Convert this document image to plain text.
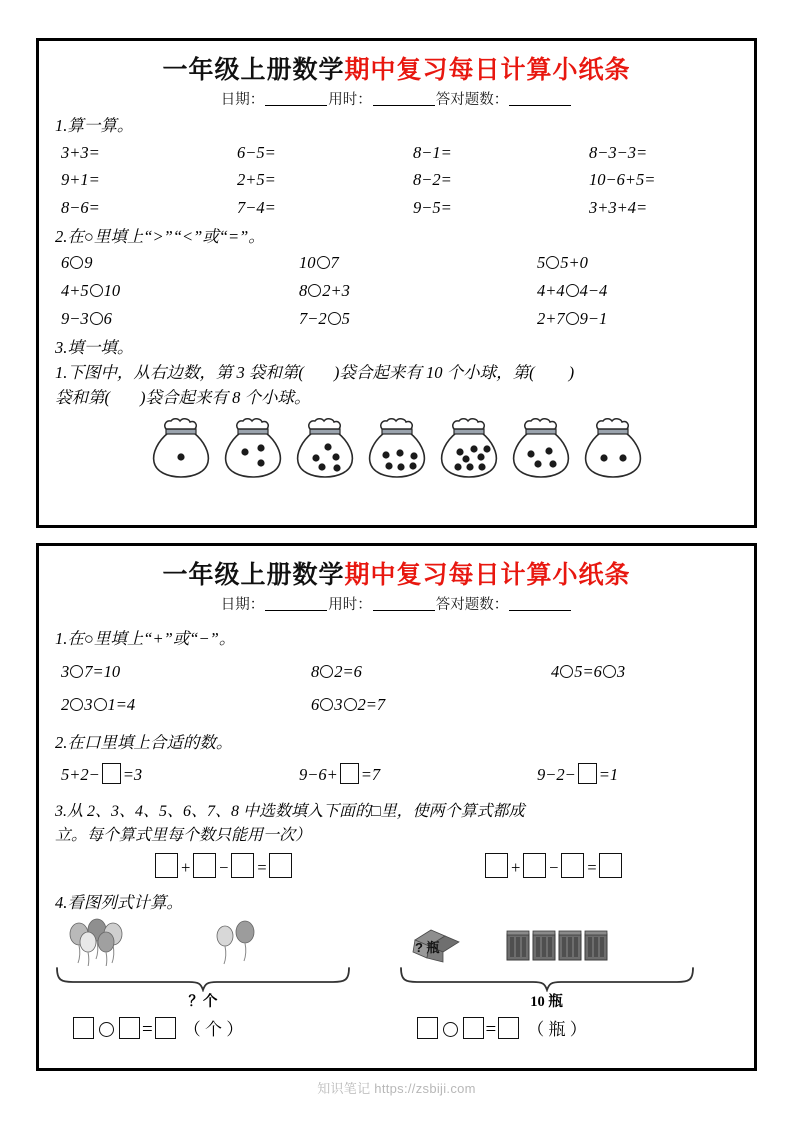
一年级上册数学期中复习每日计算小纸条
日期：	用时：	答对题数：
1.算一算。
3+3=	6−5=	8−1=	8−3−3=
9+1=	2+5=	8−2=	10−6+5=
8−6=	7−4=	9−5=	3+3+4=
2.在○里填上“>”“<”或“=”。
6 9	10 7	5 5+0
4+5 10	8 2+3	4+4 4−4
9−3 6	7−2 5	2+7 9−1
3.填一填。
1.下图中，从右边数，第 3 袋和第( )袋合起来有 10 个小球，第( )
袋和第( )袋合起来有 8 个小球。
一年级上册数学期中复习每日计算小纸条
日期：	用时：	答对题数：
1.在○里填上“+”或“−”。
3 7=10	8 2=6	4 5=6 3
2 3 1=4	6 3 2=7
2.在口里填上合适的数。
5+2− =3	9−6+ =7	9−2− =1
3.从 2、3、4、5、6、7、8 中选数填入下面的□里，使两个算式都成
立。每个算式里每个数只能用一次）
+ − =	+ − =
4.看图列式计算。
？个
= （ 个 ）
? 瓶
10 瓶
= （ 瓶 ）
知识笔记 https://zsbiji.com
